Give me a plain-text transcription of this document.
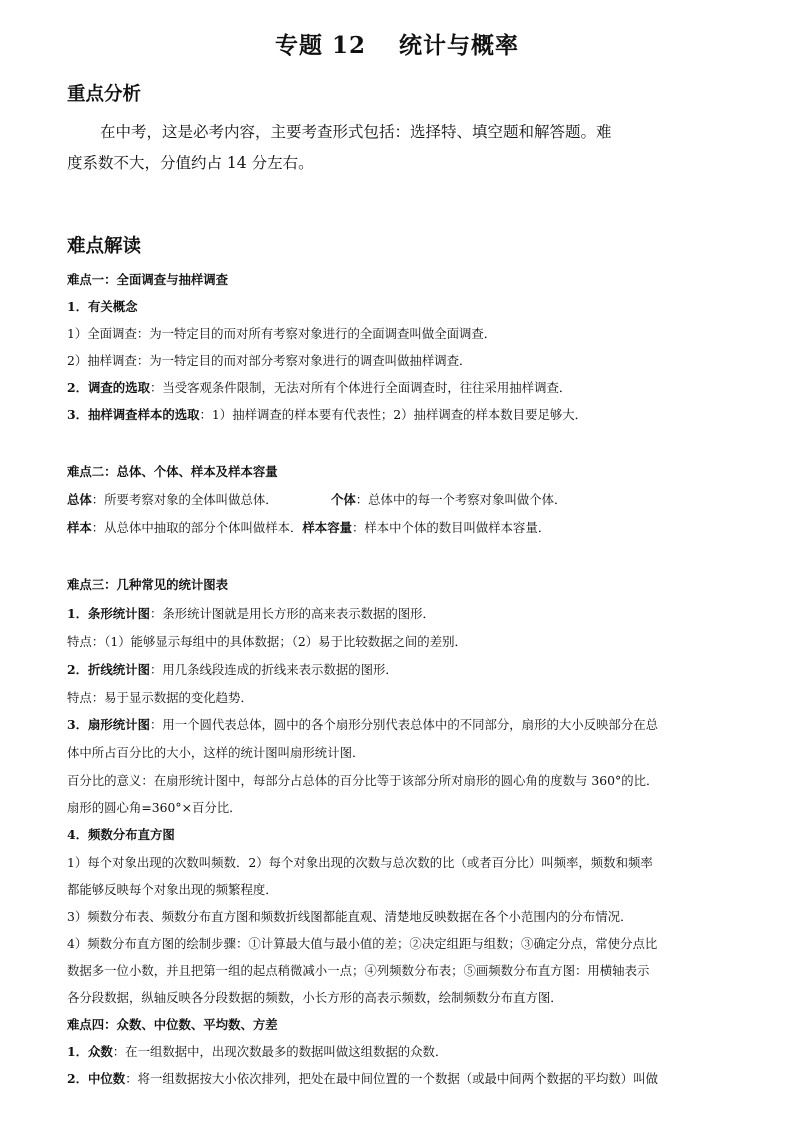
专题 12　 统计与概率
重点分析
在中考，这是必考内容，主要考查形式包括：选择特、填空题和解答题。难
度系数不大，分值约占 14 分左右。
难点解读
难点一：全面调查与抽样调查
1．有关概念
1）全面调查：为一特定目的而对所有考察对象进行的全面调查叫做全面调查．
2）抽样调查：为一特定目的而对部分考察对象进行的调查叫做抽样调查．
2．调查的选取：当受客观条件限制，无法对所有个体进行全面调查时，往往采用抽样调查．
3．抽样调查样本的选取：1）抽样调查的样本要有代表性；2）抽样调查的样本数目要足够大．
难点二：总体、个体、样本及样本容量
总体：所要考察对象的全体叫做总体．	个体：总体中的每一个考察对象叫做个体．
样本：从总体中抽取的部分个体叫做样本．样本容量：样本中个体的数目叫做样本容量．
难点三：几种常见的统计图表
1．条形统计图：条形统计图就是用长方形的高来表示数据的图形．
特点：（1）能够显示每组中的具体数据；（2）易于比较数据之间的差别．
2．折线统计图：用几条线段连成的折线来表示数据的图形．
特点：易于显示数据的变化趋势．
3．扇形统计图：用一个圆代表总体，圆中的各个扇形分别代表总体中的不同部分，扇形的大小反映部分在总
体中所占百分比的大小，这样的统计图叫扇形统计图．
百分比的意义：在扇形统计图中，每部分占总体的百分比等于该部分所对扇形的圆心角的度数与 360°的比．
扇形的圆心角=360°×百分比．
4．频数分布直方图
1）每个对象出现的次数叫频数．2）每个对象出现的次数与总次数的比（或者百分比）叫频率，频数和频率
都能够反映每个对象出现的频繁程度．
3）频数分布表、频数分布直方图和频数折线图都能直观、清楚地反映数据在各个小范围内的分布情况．
4）频数分布直方图的绘制步骤：①计算最大值与最小值的差；②决定组距与组数；③确定分点，常使分点比
数据多一位小数，并且把第一组的起点稍微减小一点；④列频数分布表；⑤画频数分布直方图：用横轴表示
各分段数据，纵轴反映各分段数据的频数，小长方形的高表示频数，绘制频数分布直方图．
难点四：众数、中位数、平均数、方差
1．众数：在一组数据中，出现次数最多的数据叫做这组数据的众数．
2．中位数：将一组数据按大小依次排列，把处在最中间位置的一个数据（或最中间两个数据的平均数）叫做
